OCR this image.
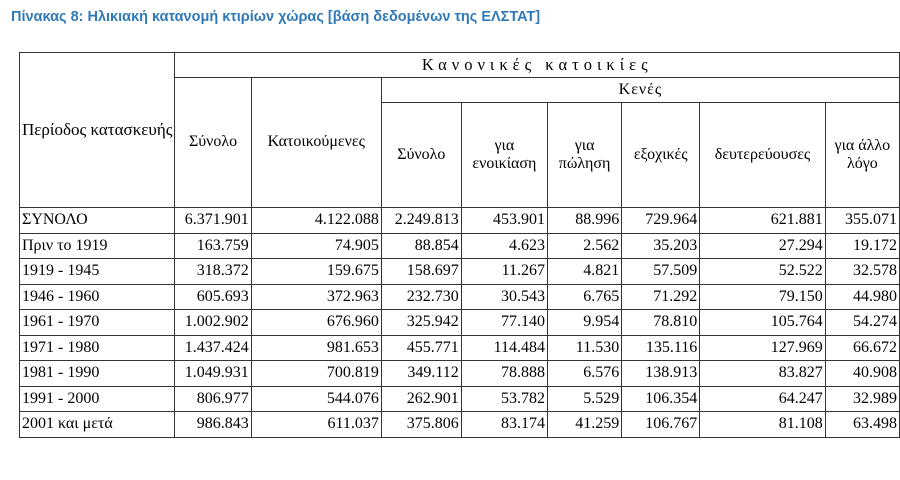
Πίνακας 8: Ηλικιακή κατανομή κτιρίων χώρας [βάση δεδομένων της ΕΛΣΤΑΤ]
Περίοδος κατασκευής	Κανονικές κατοικίες							
	Σύνολο	Κατοικούμενες	Κενές					
			Σύνολο	για ενοικίαση	για πώληση	εξοχικές	δευτερεύουσες	για άλλο λόγο
ΣΥΝΟΛΟ	6.371.901	4.122.088	2.249.813	453.901	88.996	729.964	621.881	355.071
Πριν το 1919	163.759	74.905	88.854	4.623	2.562	35.203	27.294	19.172
1919 - 1945	318.372	159.675	158.697	11.267	4.821	57.509	52.522	32.578
1946 - 1960	605.693	372.963	232.730	30.543	6.765	71.292	79.150	44.980
1961 - 1970	1.002.902	676.960	325.942	77.140	9.954	78.810	105.764	54.274
1971 - 1980	1.437.424	981.653	455.771	114.484	11.530	135.116	127.969	66.672
1981 - 1990	1.049.931	700.819	349.112	78.888	6.576	138.913	83.827	40.908
1991 - 2000	806.977	544.076	262.901	53.782	5.529	106.354	64.247	32.989
2001 και μετά	986.843	611.037	375.806	83.174	41.259	106.767	81.108	63.498
